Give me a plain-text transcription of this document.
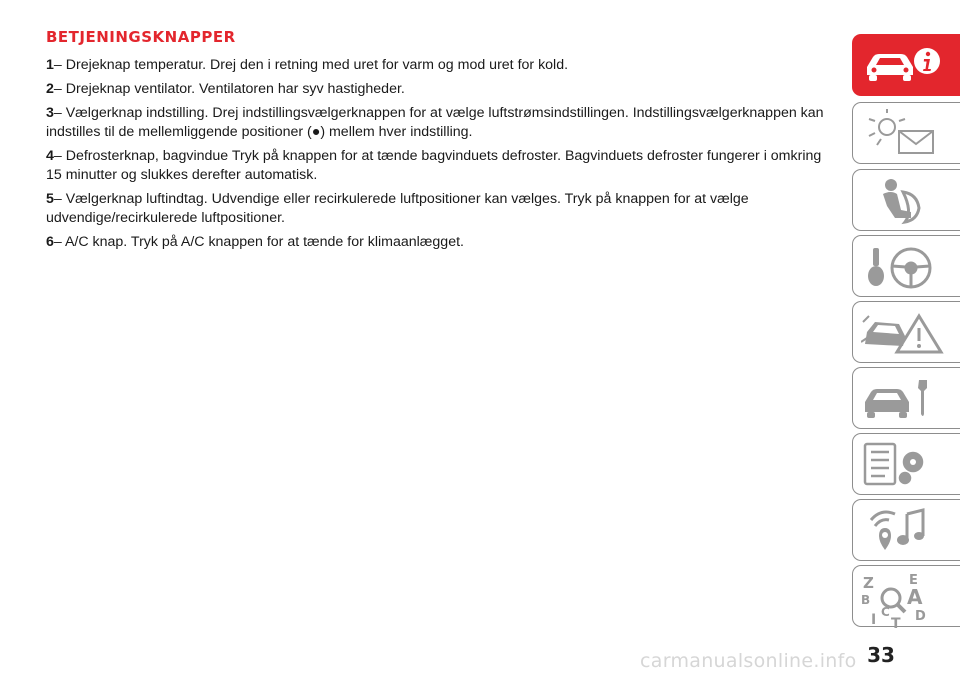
BETJENINGSKNAPPER

1– Drejeknap temperatur. Drej den i retning med uret for varm og mod uret for kold.

2– Drejeknap ventilator. Ventilatoren har syv hastigheder.

3– Vælgerknap indstilling. Drej indstillingsvælgerknappen for at vælge luftstrømsindstillingen. Indstillingsvælgerknappen kan indstilles til de mellemliggende positioner (●) mellem hver indstilling.

4– Defrosterknap, bagvindue Tryk på knappen for at tænde bagvinduets defroster. Bagvinduets defroster fungerer i omkring 15 minutter og slukkes derefter automatisk.

5– Vælgerknap luftindtag. Udvendige eller recirkulerede luftpositioner kan vælges. Tryk på knappen for at vælge udvendige/recirkulerede luftpositioner.

6– A/C knap. Tryk på A/C knappen for at tænde for klimaanlægget.

Z	E
B A
C D
I T
33
carmanualsonline.info
